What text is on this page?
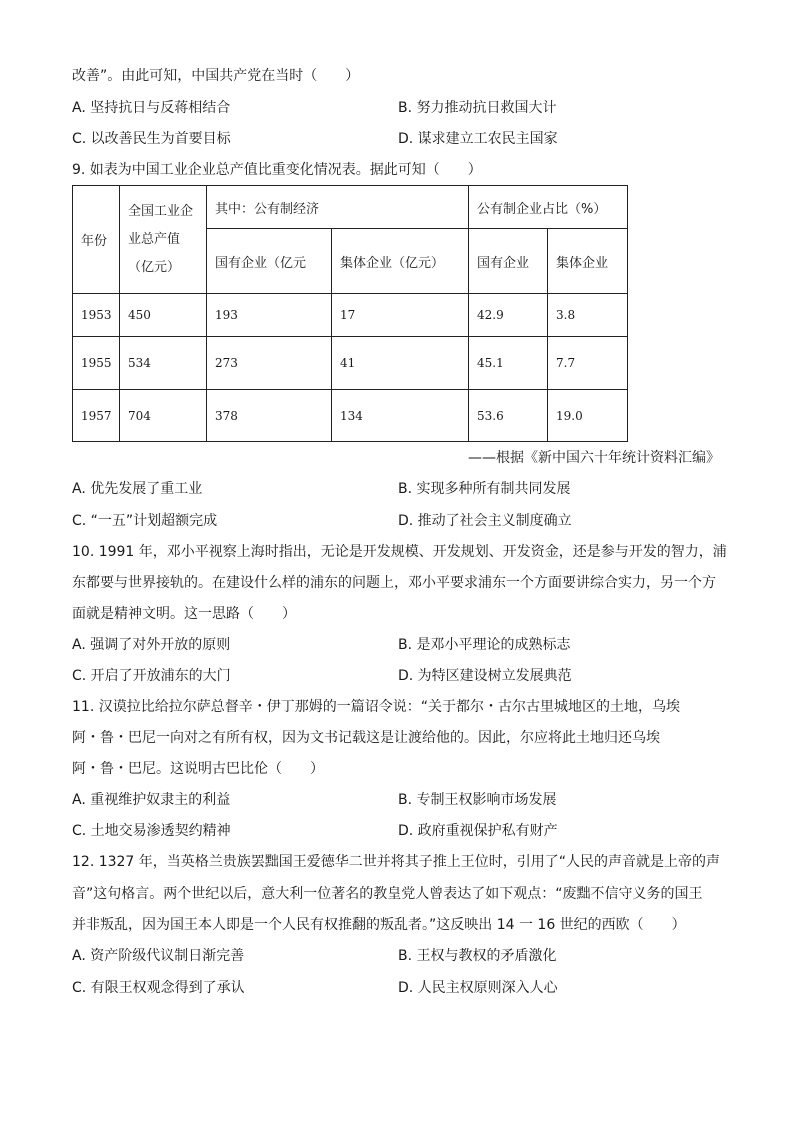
改善”。由此可知，中国共产党在当时（　　）
A. 坚持抗日与反蒋相结合	B. 努力推动抗日救国大计
C. 以改善民生为首要目标	D. 谋求建立工农民主国家
9. 如表为中国工业企业总产值比重变化情况表。据此可知（　　）
年份	全国工业企
业总产值
（亿元）	其中：公有制经济		公有制企业占比（%）	
		国有企业（亿元	集体企业（亿元）	国有企业	集体企业
1953	450	193	17	42.9	3.8
1955	534	273	41	45.1	7.7
1957	704	378	134	53.6	19.0
——根据《新中国六十年统计资料汇编》
A. 优先发展了重工业	B. 实现多种所有制共同发展
C. “一五”计划超额完成	D. 推动了社会主义制度确立
10. 1991 年，邓小平视察上海时指出，无论是开发规模、开发规划、开发资金，还是参与开发的智力，浦
东都要与世界接轨的。在建设什么样的浦东的问题上，邓小平要求浦东一个方面要讲综合实力，另一个方
面就是精神文明。这一思路（　　）
A. 强调了对外开放的原则	B. 是邓小平理论的成熟标志
C. 开启了开放浦东的大门	D. 为特区建设树立发展典范
11. 汉谟拉比给拉尔萨总督辛・伊丁那姆的一篇诏令说：“关于都尔・古尔古里城地区的土地，乌埃
阿・鲁・巴尼一向对之有所有权，因为文书记载这是让渡给他的。因此，尔应将此土地归还乌埃
阿・鲁・巴尼。这说明古巴比伦（　　）
A. 重视维护奴隶主的利益	B. 专制王权影响市场发展
C. 土地交易渗透契约精神	D. 政府重视保护私有财产
12. 1327 年，当英格兰贵族罢黜国王爱德华二世并将其子推上王位时，引用了“人民的声音就是上帝的声
音”这句格言。两个世纪以后，意大利一位著名的教皇党人曾表达了如下观点：“废黜不信守义务的国王
并非叛乱，因为国王本人即是一个人民有权推翻的叛乱者。”这反映出 14 一 16 世纪的西欧（　　）
A. 资产阶级代议制日渐完善	B. 王权与教权的矛盾激化
C. 有限王权观念得到了承认	D. 人民主权原则深入人心
